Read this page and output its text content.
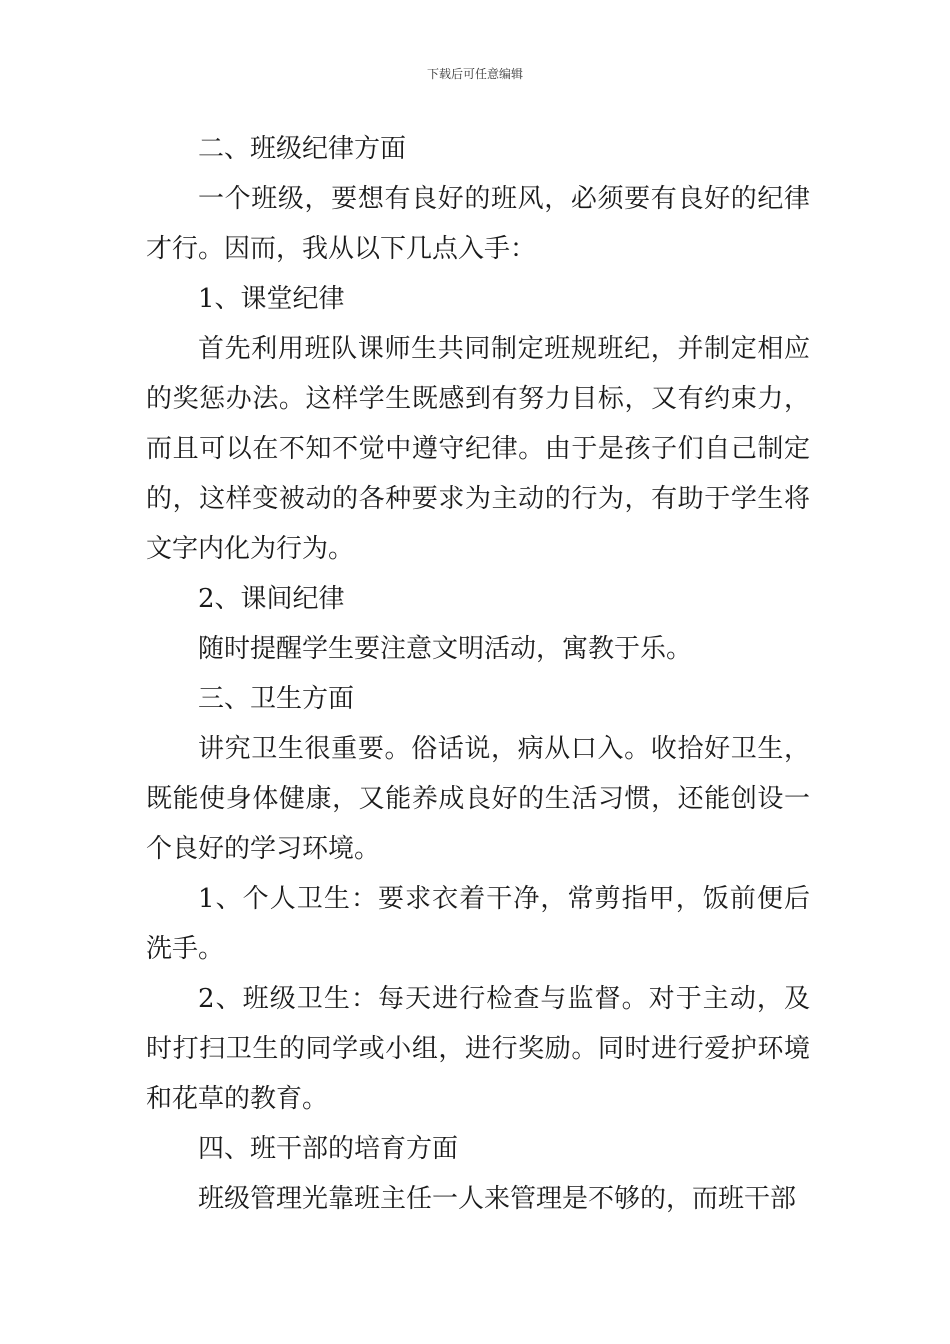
下载后可任意编辑

二、班级纪律方面

一个班级，要想有良好的班风，必须要有良好的纪律才行。因而，我从以下几点入手：

1、课堂纪律

首先利用班队课师生共同制定班规班纪，并制定相应的奖惩办法。这样学生既感到有努力目标，又有约束力，而且可以在不知不觉中遵守纪律。由于是孩子们自己制定的，这样变被动的各种要求为主动的行为，有助于学生将文字内化为行为。

2、课间纪律

随时提醒学生要注意文明活动，寓教于乐。

三、卫生方面

讲究卫生很重要。俗话说，病从口入。收拾好卫生，既能使身体健康，又能养成良好的生活习惯，还能创设一个良好的学习环境。

1、个人卫生：要求衣着干净，常剪指甲，饭前便后洗手。

2、班级卫生：每天进行检查与监督。对于主动，及时打扫卫生的同学或小组，进行奖励。同时进行爱护环境和花草的教育。

四、班干部的培育方面

班级管理光靠班主任一人来管理是不够的，而班干部
